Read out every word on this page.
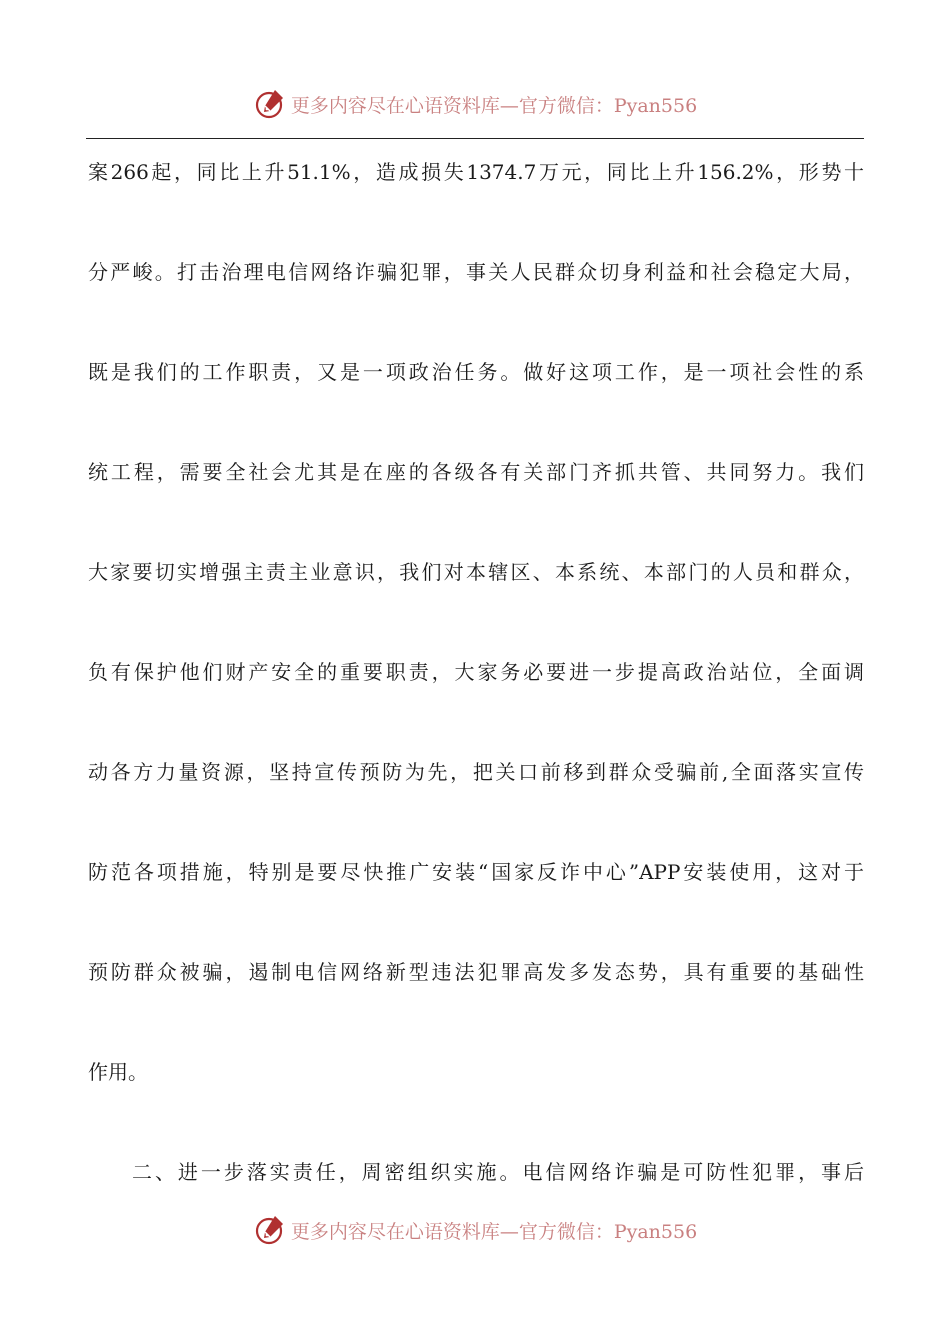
更多内容尽在心语资料库—官方微信：Pyan556
案266起，同比上升51.1%，造成损失1374.7万元，同比上升156.2%，形势十
分严峻。打击治理电信网络诈骗犯罪，事关人民群众切身利益和社会稳定大局，
既是我们的工作职责，又是一项政治任务。做好这项工作，是一项社会性的系
统工程，需要全社会尤其是在座的各级各有关部门齐抓共管、共同努力。我们
大家要切实增强主责主业意识，我们对本辖区、本系统、本部门的人员和群众，
负有保护他们财产安全的重要职责，大家务必要进一步提高政治站位，全面调
动各方力量资源，坚持宣传预防为先，把关口前移到群众受骗前,全面落实宣传
防范各项措施，特别是要尽快推广安装“国家反诈中心”APP安装使用，这对于
预防群众被骗，遏制电信网络新型违法犯罪高发多发态势，具有重要的基础性
作用。
二、进一步落实责任，周密组织实施。电信网络诈骗是可防性犯罪，事后
更多内容尽在心语资料库—官方微信：Pyan556
